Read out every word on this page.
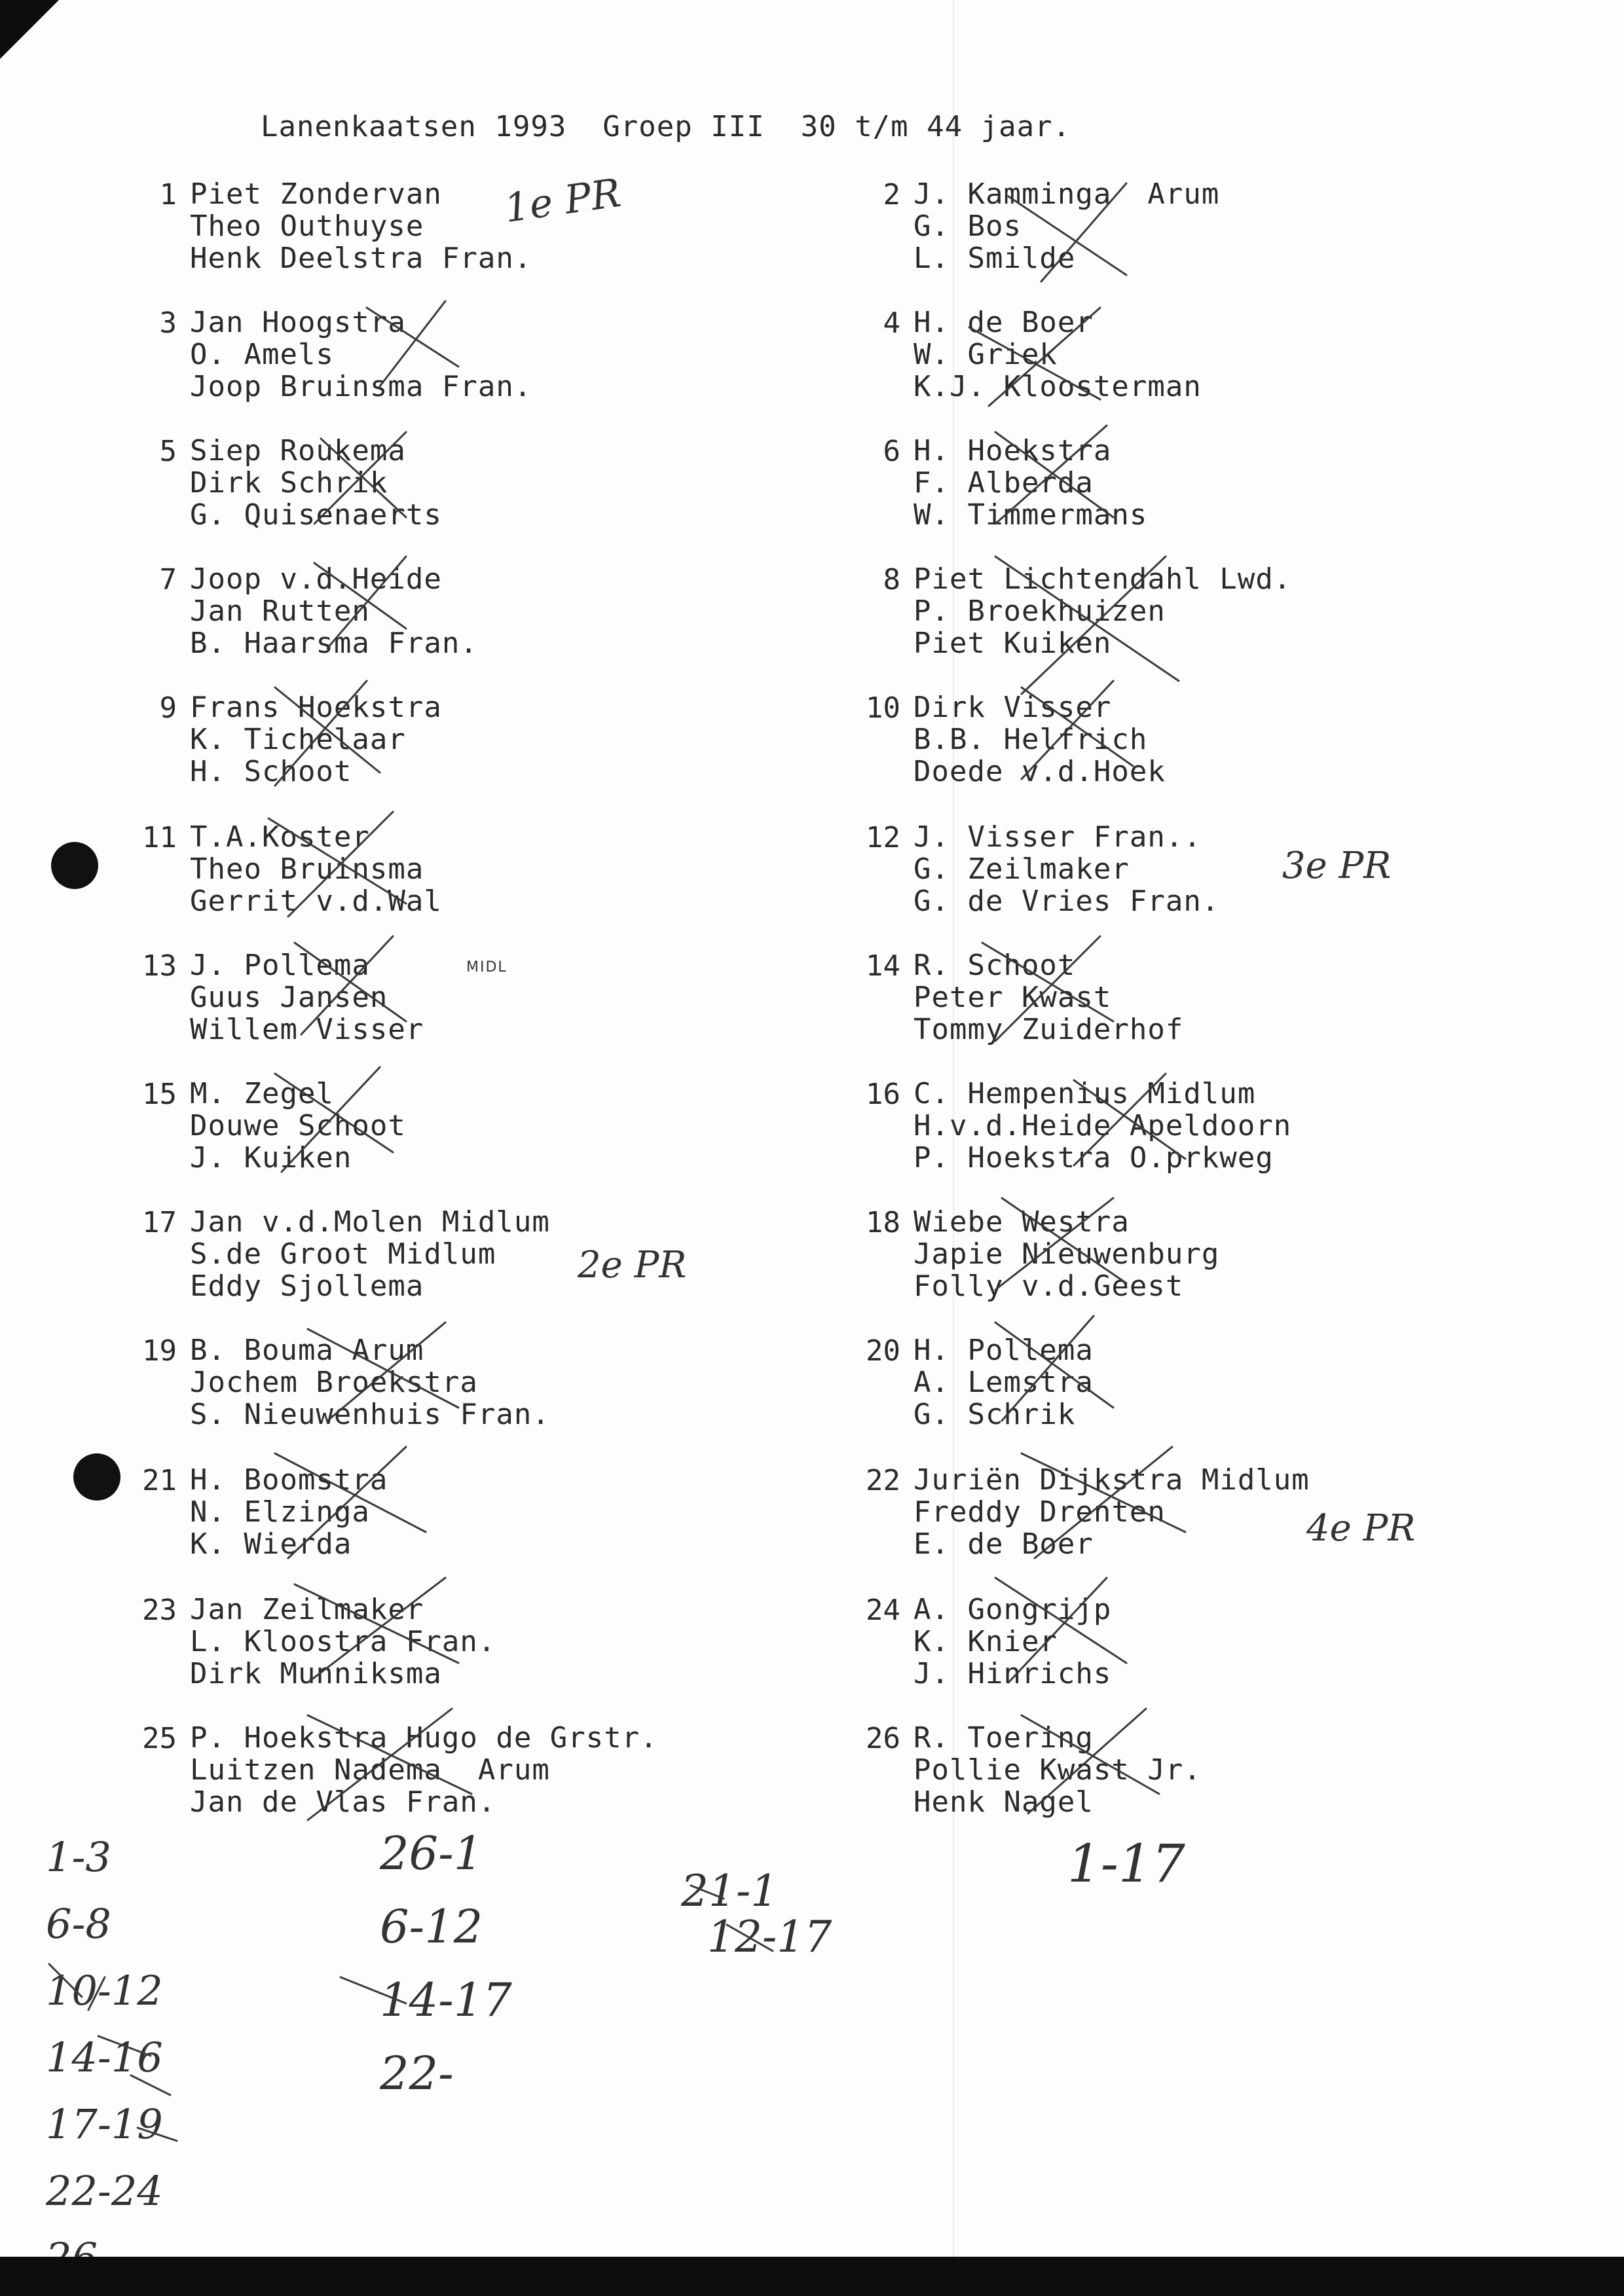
Lanenkaatsen 1993  Groep III  30 t/m 44 jaar.
1 Piet Zondervan
Theo Outhuyse
Henk Deelstra Fran.
2 J. Kamminga  Arum
G. Bos
L. Smilde
3 Jan Hoogstra
O. Amels
Joop Bruinsma Fran.
4 H. de Boer
W. Griek
K.J. Kloosterman
5 Siep Roukema
Dirk Schrik
G. Quisenaerts
6 H. Hoekstra
F. Alberda
W. Timmermans
7 Joop v.d.Heide
Jan Rutten
B. Haarsma Fran.
8 Piet Lichtendahl Lwd.
P. Broekhuizen
Piet Kuiken
9 Frans Hoekstra
K. Tichelaar
H. Schoot
10 Dirk Visser
B.B. Helfrich
Doede v.d.Hoek
11 T.A.Koster
Theo Bruinsma
Gerrit v.d.Wal
12 J. Visser Fran..
G. Zeilmaker
G. de Vries Fran.
13 J. Pollema
Guus Jansen
Willem Visser
14 R. Schoot
Peter Kwast
Tommy Zuiderhof
15 M. Zegel
Douwe Schoot
J. Kuiken
16 C. Hempenius Midlum
H.v.d.Heide Apeldoorn
P. Hoekstra O.prkweg
17 Jan v.d.Molen Midlum
S.de Groot Midlum
Eddy Sjollema
18 Wiebe Westra
Japie Nieuwenburg
Folly v.d.Geest
19 B. Bouma Arum
Jochem Broekstra
S. Nieuwenhuis Fran.
20 H. Pollema
A. Lemstra
G. Schrik
21 H. Boomstra
N. Elzinga
K. Wierda
22 Juriën Dijkstra Midlum
Freddy Drenten
E. de Boer
23 Jan Zeilmaker
L. Kloostra Fran.
Dirk Munniksma
24 A. Gongrijp
K. Knier
J. Hinrichs
25 P. Hoekstra Hugo de Grstr.
Luitzen Nadema  Arum
Jan de Vlas Fran.
26 R. Toering
Pollie Kwast Jr.
Henk Nagel
1e PR
2e PR
3e PR
4e PR
MIDL
1-3
6-8
10-12
14-16
17-19
22-24
26-1
6-12
14-17
22-
21-1
12-17
1-17
